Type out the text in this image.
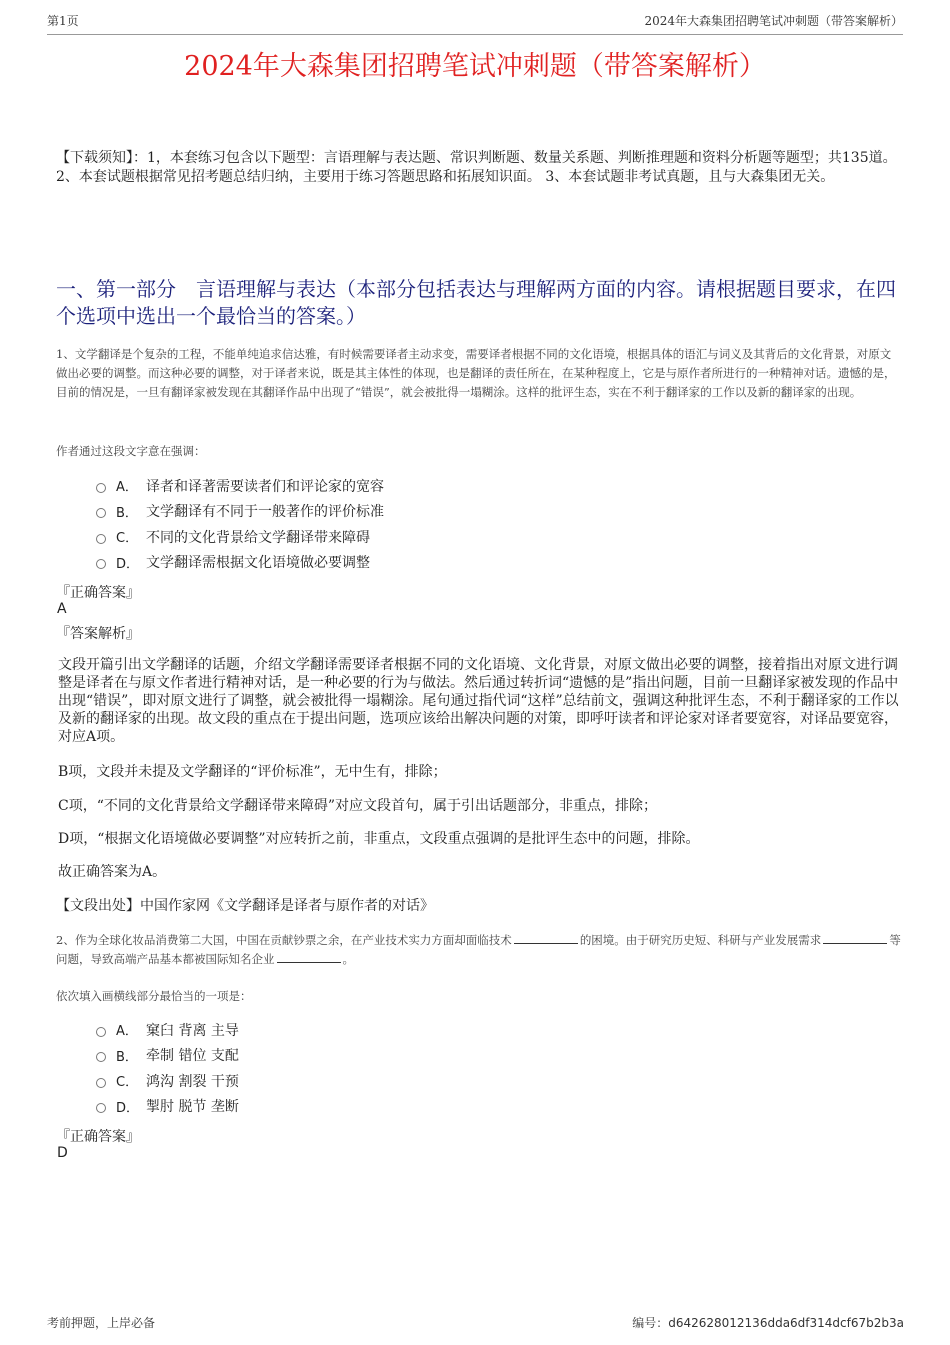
第1页	2024年大森集团招聘笔试冲刺题（带答案解析）
2024年大森集团招聘笔试冲刺题（带答案解析）
【下载须知】：1，本套练习包含以下题型：言语理解与表达题、常识判断题、数量关系题、判断推理题和资料分析题等题型；共135道。 2、本套试题根据常见招考题总结归纳，主要用于练习答题思路和拓展知识面。 3、本套试题非考试真题，且与大森集团无关。
一、第一部分　言语理解与表达（本部分包括表达与理解两方面的内容。请根据题目要求，在四个选项中选出一个最恰当的答案。）
1、文学翻译是个复杂的工程，不能单纯追求信达雅，有时候需要译者主动求变，需要译者根据不同的文化语境，根据具体的语汇与词义及其背后的文化背景，对原文做出必要的调整。而这种必要的调整，对于译者来说，既是其主体性的体现，也是翻译的责任所在，在某种程度上，它是与原作者所进行的一种精神对话。遗憾的是，目前的情况是，一旦有翻译家被发现在其翻译作品中出现了“错误”，就会被批得一塌糊涂。这样的批评生态，实在不利于翻译家的工作以及新的翻译家的出现。
作者通过这段文字意在强调：
A． 译者和译著需要读者们和评论家的宽容
B． 文学翻译有不同于一般著作的评价标准
C． 不同的文化背景给文学翻译带来障碍
D． 文学翻译需根据文化语境做必要调整
『正确答案』
A
『答案解析』
文段开篇引出文学翻译的话题，介绍文学翻译需要译者根据不同的文化语境、文化背景，对原文做出必要的调整，接着指出对原文进行调整是译者在与原文作者进行精神对话，是一种必要的行为与做法。然后通过转折词“遗憾的是”指出问题，目前一旦翻译家被发现的作品中出现“错误”，即对原文进行了调整，就会被批得一塌糊涂。尾句通过指代词“这样”总结前文，强调这种批评生态，不利于翻译家的工作以及新的翻译家的出现。故文段的重点在于提出问题，选项应该给出解决问题的对策，即呼吁读者和评论家对译者要宽容，对译品要宽容，对应A项。
B项，文段并未提及文学翻译的“评价标准”，无中生有，排除；
C项，“不同的文化背景给文学翻译带来障碍”对应文段首句，属于引出话题部分，非重点，排除；
D项，“根据文化语境做必要调整”对应转折之前，非重点，文段重点强调的是批评生态中的问题，排除。
故正确答案为A。
【文段出处】中国作家网《文学翻译是译者与原作者的对话》
2、作为全球化妆品消费第二大国，中国在贡献钞票之余，在产业技术实力方面却面临技术	的困境。由于研究历史短、科研与产业发展需求	等问题，导致高端产品基本都被国际知名企业	。
依次填入画横线部分最恰当的一项是：
A． 窠臼 背离 主导
B． 牵制 错位 支配
C． 鸿沟 割裂 干预
D． 掣肘 脱节 垄断
『正确答案』
D
考前押题，上岸必备	编号：d642628012136dda6df314dcf67b2b3a
